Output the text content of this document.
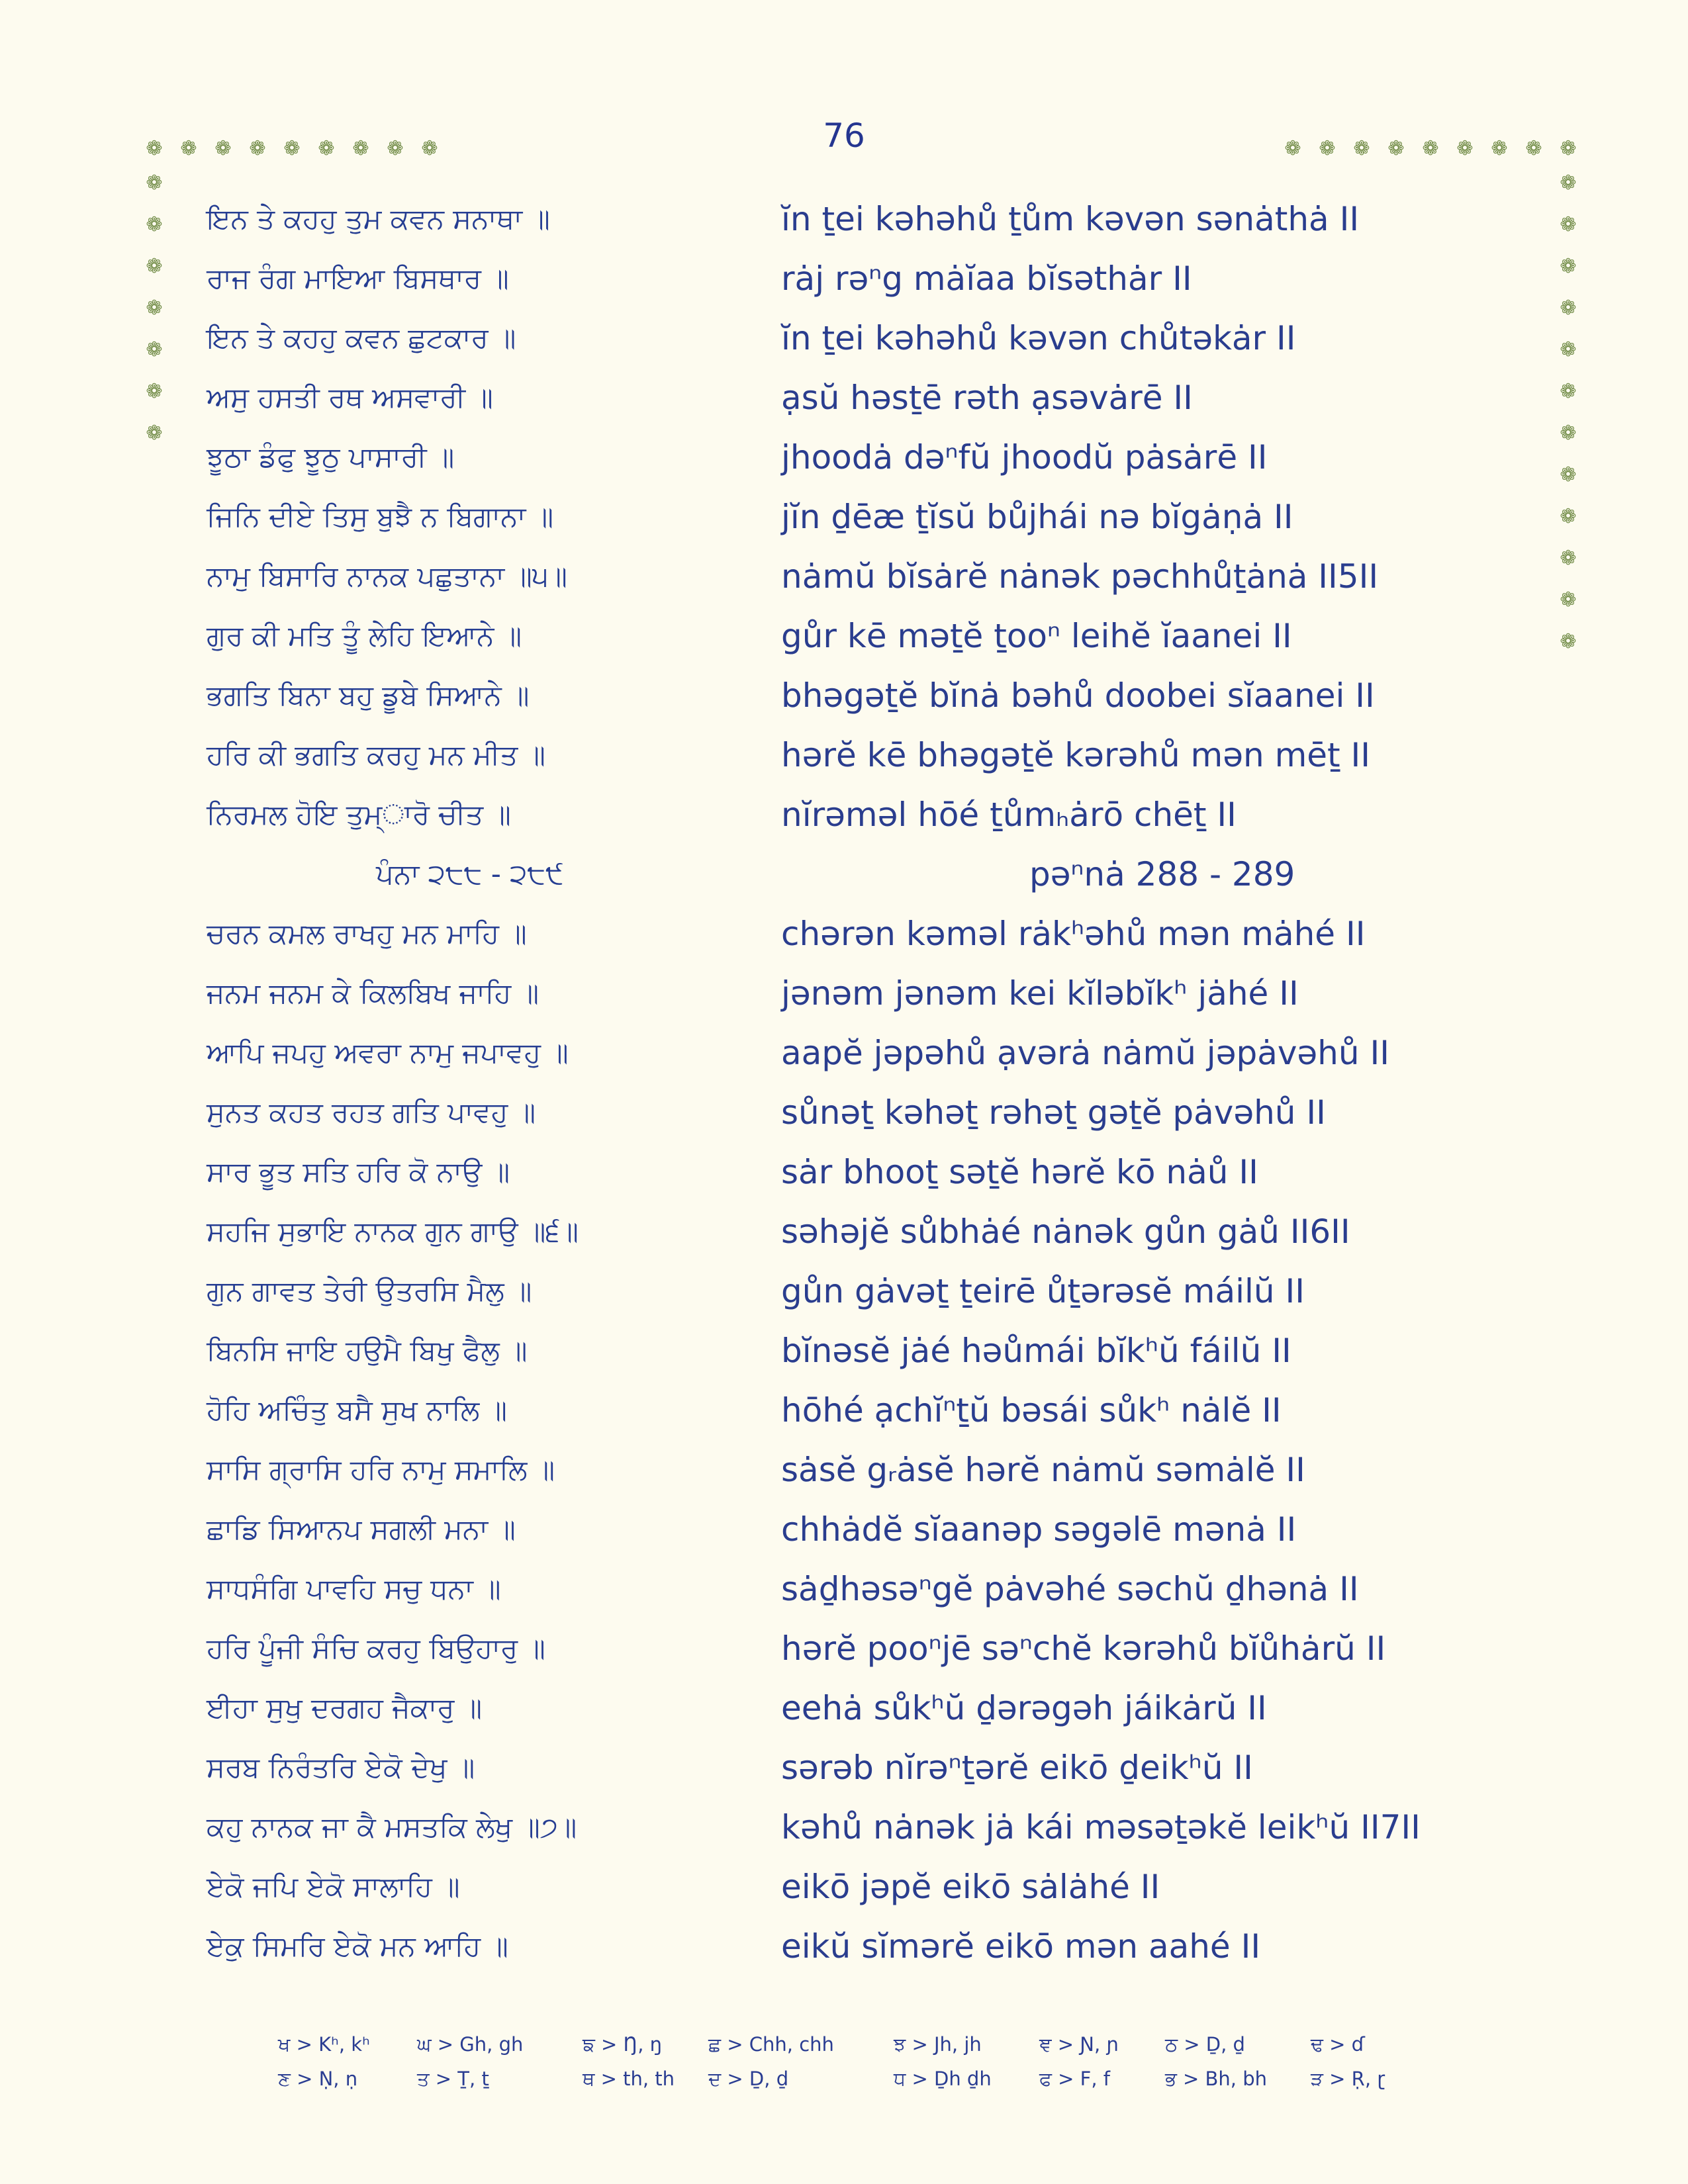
76
❁ ❁ ❁ ❁ ❁ ❁ ❁ ❁ ❁	❁ ❁ ❁ ❁ ❁ ❁ ❁ ❁ ❁
❁
❁
❁
❁
❁
❁
❁
❁
❁
❁
❁
❁
❁
❁
❁
❁
❁
❁
❁
ਇਨ ਤੇ ਕਹਹੁ ਤੁਮ ਕਵਨ ਸਨਾਥਾ ॥	ĭn ṯei kəhəhů ṯům kəvən sənȧthȧ II
ਰਾਜ ਰੰਗ ਮਾਇਆ ਬਿਸਥਾਰ ॥	rȧj rəⁿg mȧĭaa bĭsəthȧr II
ਇਨ ਤੇ ਕਹਹੁ ਕਵਨ ਛੁਟਕਾਰ ॥	ĭn ṯei kəhəhů kəvən chůtəkȧr II
ਅਸੁ ਹਸਤੀ ਰਥ ਅਸਵਾਰੀ ॥	ạsŭ həsṯē rəth ạsəvȧrē II
ਝੂਠਾ ਡੰਫੁ ਝੂਠੁ ਪਾਸਾਰੀ ॥	jhoodȧ dəⁿfŭ jhoodŭ pȧsȧrē II
ਜਿਨਿ ਦੀਏ ਤਿਸੁ ਬੁਝੈ ਨ ਬਿਗਾਨਾ ॥	jĭn ḏēæ ṯĭsŭ bůjhái nə bĭgȧṇȧ II
ਨਾਮੁ ਬਿਸਾਰਿ ਨਾਨਕ ਪਛੁਤਾਨਾ ॥੫॥	nȧmŭ bĭsȧrĕ nȧnək pəchhůṯȧnȧ II5II
ਗੁਰ ਕੀ ਮਤਿ ਤੂੰ ਲੇਹਿ ਇਆਨੇ ॥	gůr kē məṯĕ ṯooⁿ leihĕ ĭaanei II
ਭਗਤਿ ਬਿਨਾ ਬਹੁ ਡੂਬੇ ਸਿਆਨੇ ॥	bhəgəṯĕ bĭnȧ bəhů doobei sĭaanei II
ਹਰਿ ਕੀ ਭਗਤਿ ਕਰਹੁ ਮਨ ਮੀਤ ॥	hərĕ kē bhəgəṯĕ kərəhů mən mēṯ II
ਨਿਰਮਲ ਹੋਇ ਤੁਮ੍ਾਰੋ ਚੀਤ ॥	nĭrəməl hōé ṯůmₕȧrō chēṯ II
ਪੰਨਾ ੨੮੮ - ੨੮੯	pəⁿnȧ 288 - 289
ਚਰਨ ਕਮਲ ਰਾਖਹੁ ਮਨ ਮਾਹਿ ॥	chərən kəməl rȧkʰəhů mən mȧhé II
ਜਨਮ ਜਨਮ ਕੇ ਕਿਲਬਿਖ ਜਾਹਿ ॥	jənəm jənəm kei kĭləbĭkʰ jȧhé II
ਆਪਿ ਜਪਹੁ ਅਵਰਾ ਨਾਮੁ ਜਪਾਵਹੁ ॥	aapĕ jəpəhů ạvərȧ nȧmŭ jəpȧvəhů II
ਸੁਨਤ ਕਹਤ ਰਹਤ ਗਤਿ ਪਾਵਹੁ ॥	sůnəṯ kəhəṯ rəhəṯ gəṯĕ pȧvəhů II
ਸਾਰ ਭੂਤ ਸਤਿ ਹਰਿ ਕੋ ਨਾਉ ॥	sȧr bhooṯ səṯĕ hərĕ kō nȧů II
ਸਹਜਿ ਸੁਭਾਇ ਨਾਨਕ ਗੁਨ ਗਾਉ ॥੬॥	səhəjĕ sůbhȧé nȧnək gůn gȧů II6II
ਗੁਨ ਗਾਵਤ ਤੇਰੀ ਉਤਰਸਿ ਮੈਲੁ ॥	gůn gȧvəṯ ṯeirē ůṯərəsĕ máilŭ II
ਬਿਨਸਿ ਜਾਇ ਹਉਮੈ ਬਿਖੁ ਫੈਲੁ ॥	bĭnəsĕ jȧé həůmái bĭkʰŭ fáilŭ II
ਹੋਹਿ ਅਚਿੰਤੁ ਬਸੈ ਸੁਖ ਨਾਲਿ ॥	hōhé ạchĭⁿṯŭ bəsái sůkʰ nȧlĕ II
ਸਾਸਿ ਗ੍ਰਾਸਿ ਹਰਿ ਨਾਮੁ ਸਮਾਲਿ ॥	sȧsĕ gᵣȧsĕ hərĕ nȧmŭ səmȧlĕ II
ਛਾਡਿ ਸਿਆਨਪ ਸਗਲੀ ਮਨਾ ॥	chhȧdĕ sĭaanəp səgəlē mənȧ II
ਸਾਧਸੰਗਿ ਪਾਵਹਿ ਸਚੁ ਧਨਾ ॥	sȧḏhəsəⁿgĕ pȧvəhé səchŭ ḏhənȧ II
ਹਰਿ ਪੂੰਜੀ ਸੰਚਿ ਕਰਹੁ ਬਿਉਹਾਰੁ ॥	hərĕ pooⁿjē səⁿchĕ kərəhů bĭůhȧrŭ II
ਈਹਾ ਸੁਖੁ ਦਰਗਹ ਜੈਕਾਰੁ ॥	eehȧ sůkʰŭ ḏərəgəh jáikȧrŭ II
ਸਰਬ ਨਿਰੰਤਰਿ ਏਕੋ ਦੇਖੁ ॥	sərəb nĭrəⁿṯərĕ eikō ḏeikʰŭ II
ਕਹੁ ਨਾਨਕ ਜਾ ਕੈ ਮਸਤਕਿ ਲੇਖੁ ॥੭॥	kəhů nȧnək jȧ kái məsəṯəkĕ leikʰŭ II7II
ਏਕੋ ਜਪਿ ਏਕੋ ਸਾਲਾਹਿ ॥	eikō jəpĕ eikō sȧlȧhé II
ਏਕੁ ਸਿਮਰਿ ਏਕੋ ਮਨ ਆਹਿ ॥	eikŭ sĭmərĕ eikō mən aahé II
ਖ > Kʰ, kʰ ਘ > Gh, gh	ਙ > Ŋ, ŋ ਛ > Chh, chh	ਝ > Jh, jh	ਞ > Ɲ, ɲ ਠ > Ḏ, ḏ	ਢ > ɗ
ਣ > Ṇ, ṇ	ਤ > Ṯ, ṯ	ਥ > th, th ਦ > Ḏ, ḏ	ਧ > Ḏh ḏh ਫ > F, f	ਭ > Bh, bh ੜ > Ṛ, ɽ
